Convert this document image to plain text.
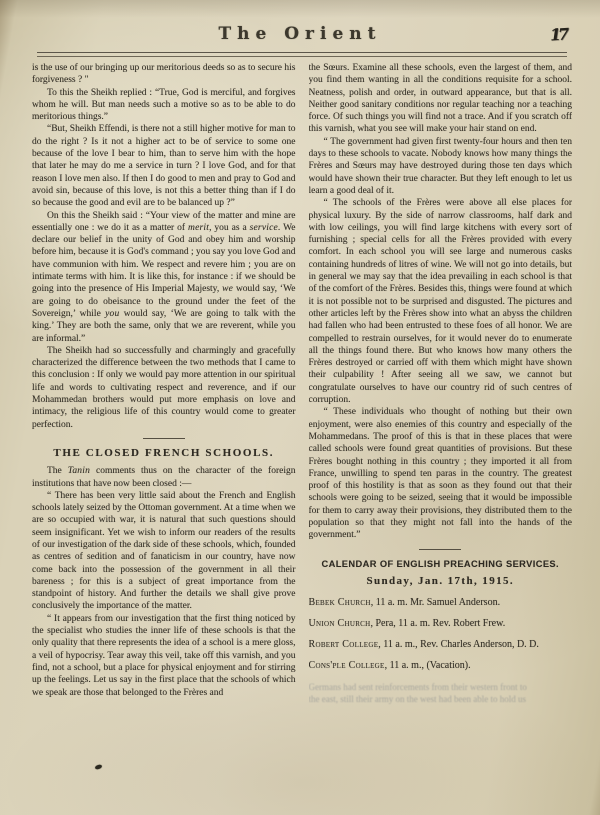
The Orient	17

is the use of our bringing up our meritorious deeds so as to secure his forgiveness ? "

To this the Sheikh replied : “True, God is merciful, and forgives whom he will. But man needs such a motive so as to be able to do meritorious things.”

“But, Sheikh Effendi, is there not a still higher motive for man to do the right ? Is it not a higher act to be of service to some one because of the love I bear to him, than to serve him with the hope that later he may do me a service in turn ? I love God, and for that reason I love men also. If then I do good to men and pray to God and avoid sin, because of this love, is not this a better thing than if I do so because the good and evil are to be balanced up ?”

On this the Sheikh said : “Your view of the matter and mine are essentially one : we do it as a matter of merit, you as a service. We declare our belief in the unity of God and obey him and worship before him, because it is God's command ; you say you love God and have communion with him. We respect and revere him ; you are on intimate terms with him. It is like this, for instance : if we should be going into the presence of His Imperial Majesty, we would say, ‘We are going to do obeisance to the ground under the feet of the Sovereign,’ while you would say, ‘We are going to talk with the king.’ They are both the same, only that we are reverent, while you are informal.”

The Sheikh had so successfully and charmingly and gracefully characterized the difference between the two methods that I came to this conclusion : If only we would pay more attention in our spiritual life and words to cultivating respect and reverence, and if our Mohammedan brothers would put more emphasis on love and intimacy, the religious life of this country would come to greater perfection.

THE CLOSED FRENCH SCHOOLS.

The Tanin comments thus on the character of the foreign institutions that have now been closed :—

“ There has been very little said about the French and English schools lately seized by the Ottoman government. At a time when we are so occupied with war, it is natural that such questions should seem insignificant. Yet we wish to inform our readers of the results of our investigation of the dark side of these schools, which, founded as centres of sedition and of fanaticism in our country, have now come back into the possession of the government in all their bareness ; for this is a subject of great importance from the standpoint of history. And further the details we shall give prove conclusively the importance of the matter.

“ It appears from our investigation that the first thing noticed by the specialist who studies the inner life of these schools is that the only quality that there represents the idea of a school is a mere gloss, a veil of hypocrisy. Tear away this veil, take off this varnish, and you find, not a school, but a place for physical enjoyment and for stirring up the feelings. Let us say in the first place that the schools of which we speak are those that belonged to the Frères and

the Sœurs. Examine all these schools, even the largest of them, and you find them wanting in all the conditions requisite for a school. Neatness, polish and order, in outward appearance, but that is all. Neither good sanitary conditions nor regular teaching nor a teaching force. Of such things you will find not a trace. And if you scratch off this varnish, what you see will make your hair stand on end.

“ The government had given first twenty-four hours and then ten days to these schools to vacate. Nobody knows how many things the Frères and Sœurs may have destroyed during those ten days which would have shown their true character. But they left enough to let us learn a good deal of it.

“ The schools of the Frères were above all else places for physical luxury. By the side of narrow classrooms, half dark and with low ceilings, you will find large kitchens with every sort of furnishing ; special cells for all the Frères provided with every comfort. In each school you will see large and numerous casks containing hundreds of litres of wine. We will not go into details, but in general we may say that the idea prevailing in each school is that of the comfort of the Frères. Besides this, things were found at which it is not possible not to be surprised and disgusted. The pictures and other articles left by the Frères show into what an abyss the children had fallen who had been entrusted to these foes of all honor. We are compelled to restrain ourselves, for it would never do to enumerate all the things found there. But who knows how many others the Frères destroyed or carried off with them which might have shown their culpability ! After seeing all we saw, we cannot but congratulate ourselves to have our country rid of such centres of corruption.

“ These individuals who thought of nothing but their own enjoyment, were also enemies of this country and especially of the Mohammedans. The proof of this is that in these places that were called schools were found great quantities of provisions. But these Frères bought nothing in this country ; they imported it all from France, unwilling to spend ten paras in the country. The greatest proof of this hostility is that as soon as they found out that their schools were going to be seized, seeing that it would be impossible for them to carry away their provisions, they distributed them to the population so that they might not fall into the hands of the government.”

CALENDAR OF ENGLISH PREACHING SERVICES.
Sunday, Jan. 17th, 1915.
Bebek Church, 11 a. m. Mr. Samuel Anderson.
Union Church, Pera, 11 a. m. Rev. Robert Frew.
Robert College, 11 a. m., Rev. Charles Anderson, D. D.
Cons'ple College, 11 a. m., (Vacation).
Germans had sent reinforcements from their western front to
the east, still their army on the west had been able to hold us
